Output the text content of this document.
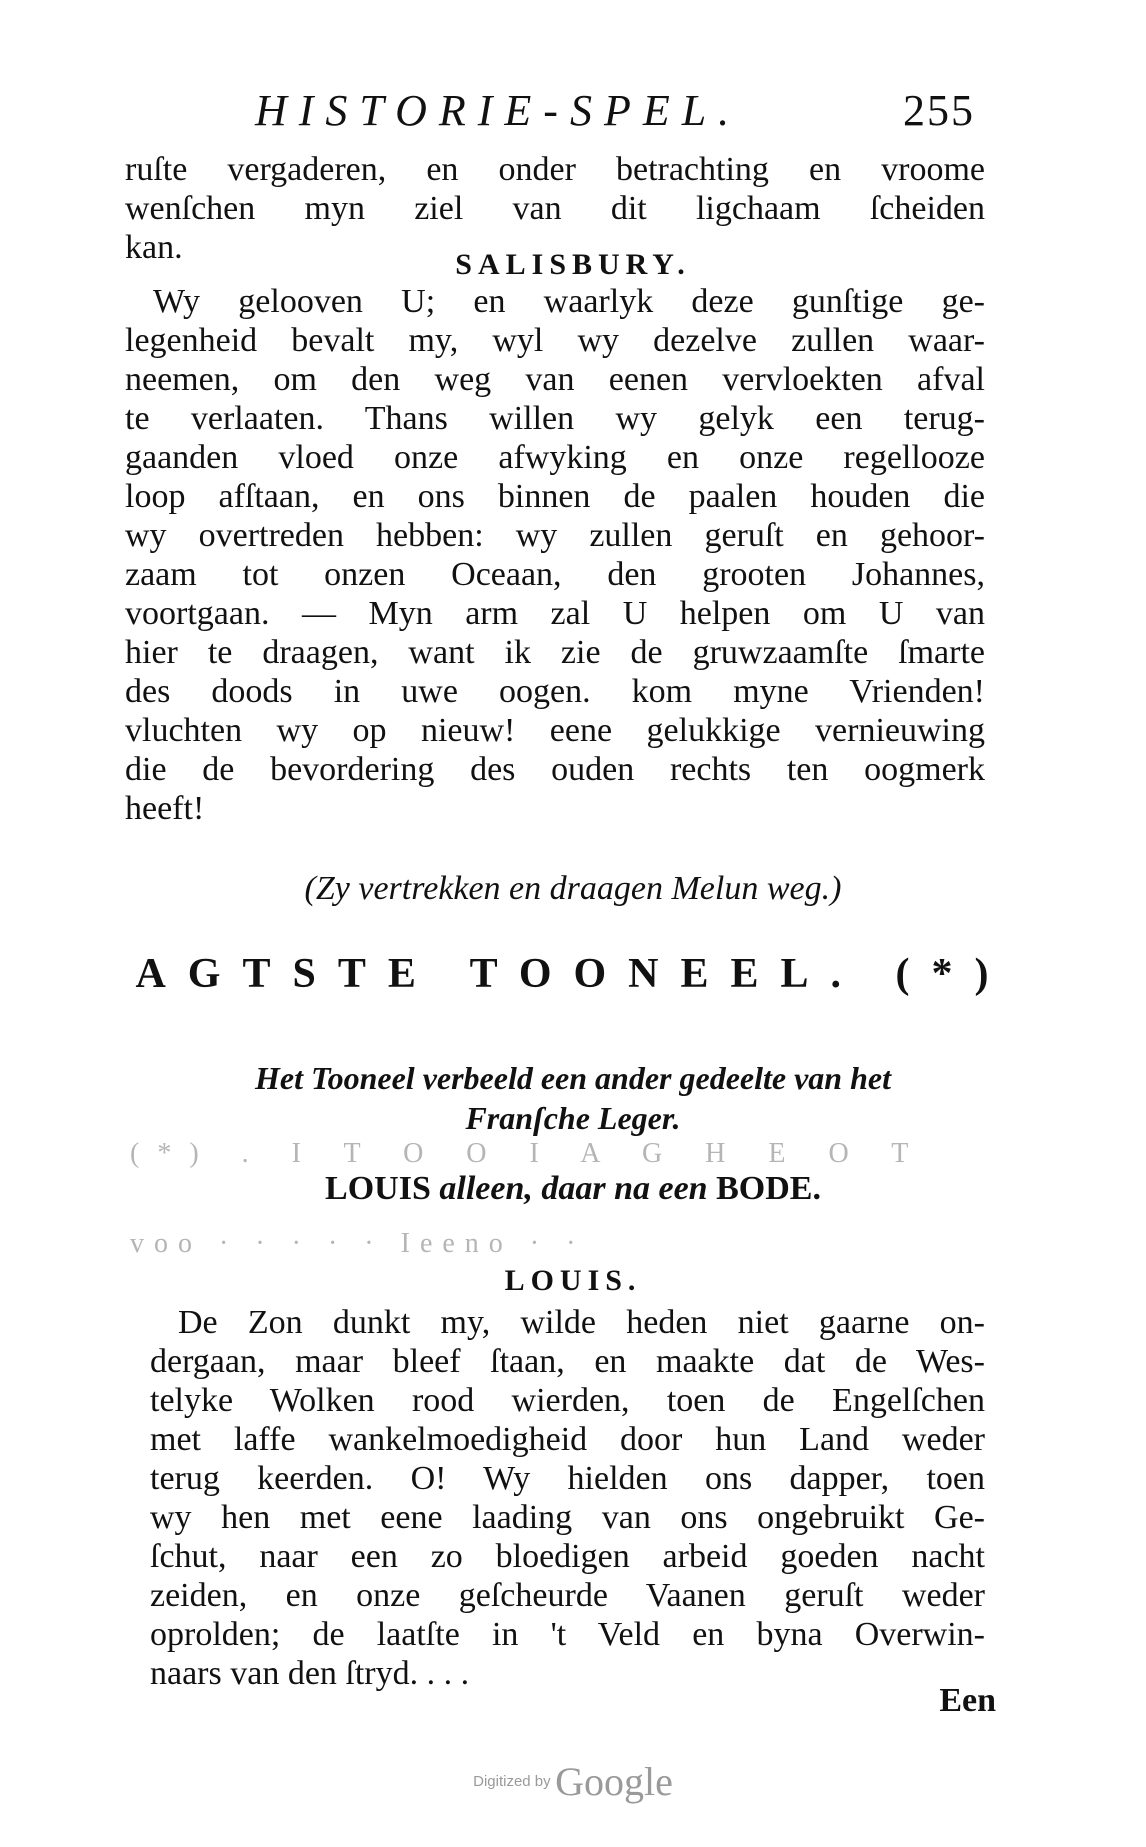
HISTORIE-SPEL.	255
ruſte vergaderen, en onder betrachting en vroome
wenſchen myn ziel van dit ligchaam ſcheiden
kan.	SALISBURY.
Wy gelooven U; en waarlyk deze gunſtige ge-
legenheid bevalt my, wyl wy dezelve zullen waar-
neemen, om den weg van eenen vervloekten afval
te verlaaten. Thans willen wy gelyk een terug-
gaanden vloed onze afwyking en onze regellooze
loop afſtaan, en ons binnen de paalen houden die
wy overtreden hebben: wy zullen geruſt en gehoor-
zaam tot onzen Oceaan, den grooten Johannes,
voortgaan. — Myn arm zal U helpen om U van
hier te draagen, want ik zie de gruwzaamſte ſmarte
des doods in uwe oogen. kom myne Vrienden!
vluchten wy op nieuw! eene gelukkige vernieuwing
die de bevordering des ouden rechts ten oogmerk
heeft!
(Zy vertrekken en draagen Melun weg.)
AGTSTE TOONEEL. (*)
Het Tooneel verbeeld een ander gedeelte van het
Franſche Leger.
(*) . I T O O I A G H E O T
LOUIS alleen, daar na een BODE.
voo · · · · · Ieeno · ·
LOUIS.
De Zon dunkt my, wilde heden niet gaarne on-
dergaan, maar bleef ſtaan, en maakte dat de Wes-
telyke Wolken rood wierden, toen de Engelſchen
met laffe wankelmoedigheid door hun Land weder
terug keerden. O! Wy hielden ons dapper, toen
wy hen met eene laading van ons ongebruikt Ge-
ſchut, naar een zo bloedigen arbeid goeden nacht
zeiden, en onze geſcheurde Vaanen geruſt weder
oprolden; de laatſte in 't Veld en byna Overwin-
naars van den ſtryd. . . .
Een
Digitized by Google
